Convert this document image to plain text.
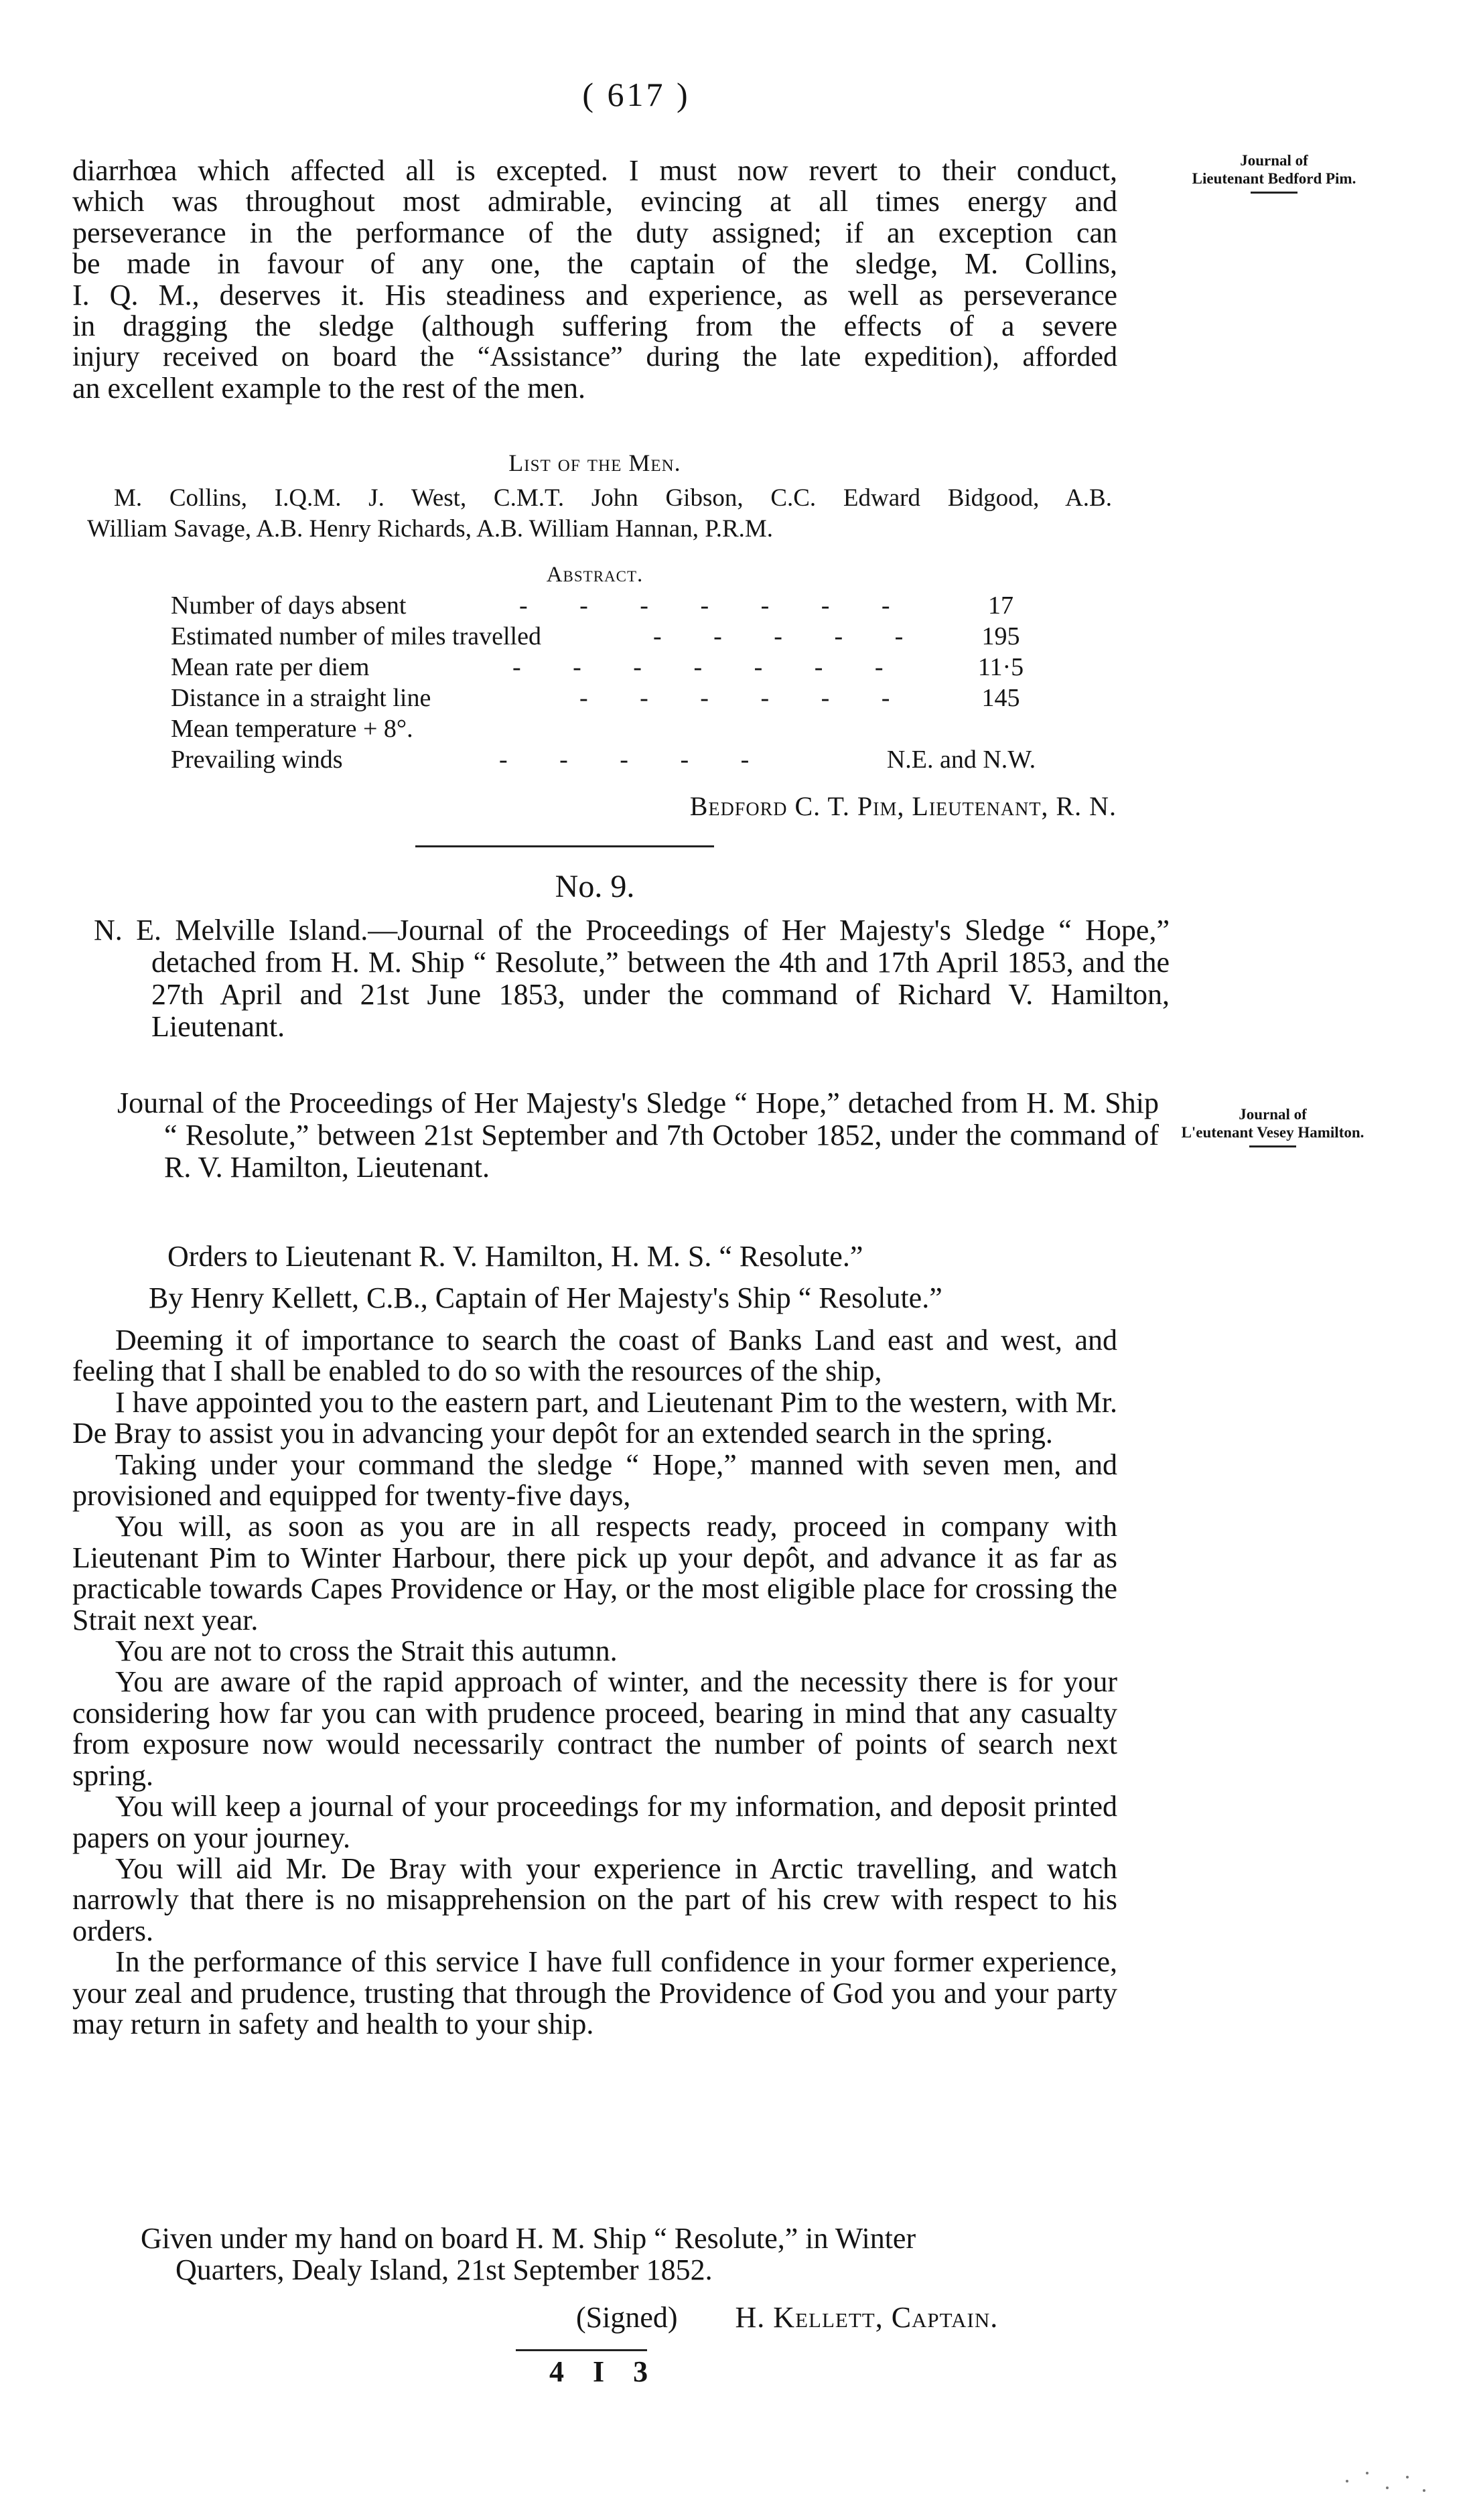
( 617 )
Journal of
Lieutenant Bedford Pim.
diarrhœa which affected all is excepted. I must now revert to their conduct,
which was throughout most admirable, evincing at all times energy and
perseverance in the performance of the duty assigned; if an exception can
be made in favour of any one, the captain of the sledge, M. Collins,
I. Q. M., deserves it. His steadiness and experience, as well as perseverance
in dragging the sledge (although suffering from the effects of a severe
injury received on board the “Assistance” during the late expedition), afforded
an excellent example to the rest of the men.
List of the Men.
M. Collins, I.Q.M. J. West, C.M.T. John Gibson, C.C. Edward Bidgood, A.B.
William Savage, A.B. Henry Richards, A.B. William Hannan, P.R.M.
Abstract.
Number of days absent	- - - - - - -	17
Estimated number of miles travelled	- - - - -	195
Mean rate per diem	- - - - - - -	11·5
Distance in a straight line	- - - - - -	145
Mean temperature + 8°.
Prevailing winds	- - - - -	N.E. and N.W.
Bedford C. T. Pim, Lieutenant, R. N.
No. 9.
N. E. Melville Island.—Journal of the Proceedings of Her Majesty's Sledge “ Hope,” detached from H. M. Ship “ Resolute,” between the 4th and 17th April 1853, and the 27th April and 21st June 1853, under the command of Richard V. Hamilton, Lieutenant.
Journal of
L'eutenant Vesey Hamilton.
Journal of the Proceedings of Her Majesty's Sledge “ Hope,” detached from H. M. Ship “ Resolute,” between 21st September and 7th October 1852, under the command of R. V. Hamilton, Lieutenant.
Orders to Lieutenant R. V. Hamilton, H. M. S. “ Resolute.”
By Henry Kellett, C.B., Captain of Her Majesty's Ship “ Resolute.”

Deeming it of importance to search the coast of Banks Land east and west, and feeling that I shall be enabled to do so with the resources of the ship,

I have appointed you to the eastern part, and Lieutenant Pim to the western, with Mr. De Bray to assist you in advancing your depôt for an extended search in the spring.

Taking under your command the sledge “ Hope,” manned with seven men, and provisioned and equipped for twenty-five days,

You will, as soon as you are in all respects ready, proceed in company with Lieutenant Pim to Winter Harbour, there pick up your depôt, and advance it as far as practicable towards Capes Providence or Hay, or the most eligible place for crossing the Strait next year.

You are not to cross the Strait this autumn.

You are aware of the rapid approach of winter, and the necessity there is for your considering how far you can with prudence proceed, bearing in mind that any casualty from exposure now would necessarily contract the number of points of search next spring.

You will keep a journal of your proceedings for my information, and deposit printed papers on your journey.

You will aid Mr. De Bray with your experience in Arctic travelling, and watch narrowly that there is no misapprehension on the part of his crew with respect to his orders.

In the performance of this service I have full confidence in your former experience, your zeal and prudence, trusting that through the Providence of God you and your party may return in safety and health to your ship.

Given under my hand on board H. M. Ship “ Resolute,” in Winter
Quarters, Dealy Island, 21st September 1852.
(Signed) H. Kellett, Captain.
4 I 3
